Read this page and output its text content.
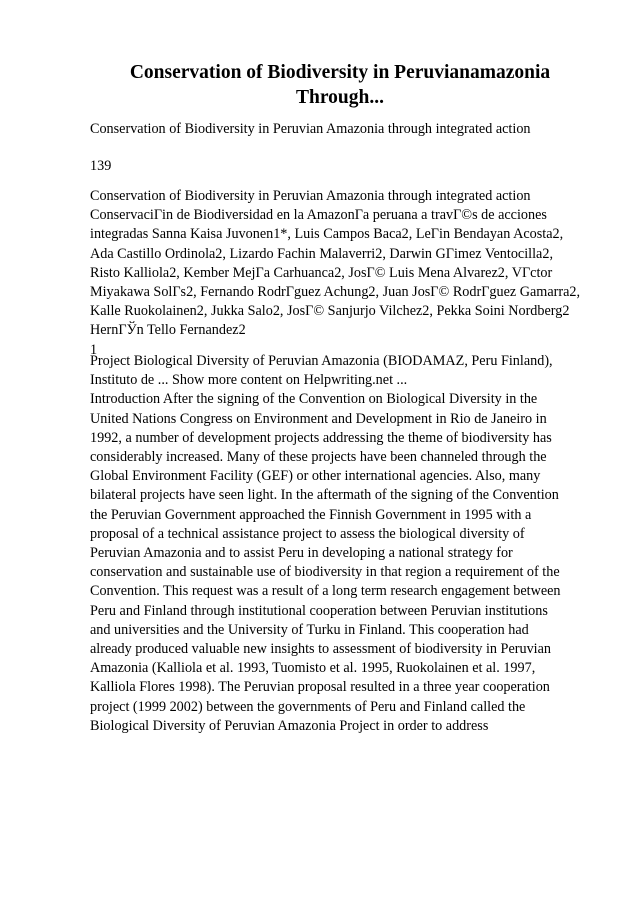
Conservation of Biodiversity in Peruvianamazonia
Through...

Conservation of Biodiversity in Peruvian Amazonia through integrated action

139

Conservation of Biodiversity in Peruvian Amazonia through integrated action
ConservaciΓin de Biodiversidad en la AmazonΓa peruana a travΓ©s de acciones
integradas Sanna Kaisa Juvonen1*, Luis Campos Baca2, LeΓin Bendayan Acosta2,
Ada Castillo Ordinola2, Lizardo Fachin Malaverri2, Darwin GΓimez Ventocilla2,
Risto Kalliola2, Kember MejΓa Carhuanca2, JosΓ© Luis Mena Alvarez2, VΓctor
Miyakawa SolΓs2, Fernando RodrΓguez Achung2, Juan JosΓ© RodrΓguez Gamarra2,
Kalle Ruokolainen2, Jukka Salo2, JosΓ© Sanjurjo Vilchez2, Pekka Soini Nordberg2
HernΓЎn Tello Fernandez2
1

Project Biological Diversity of Peruvian Amazonia (BIODAMAZ, Peru Finland),
Instituto de ... Show more content on Helpwriting.net ...
Introduction After the signing of the Convention on Biological Diversity in the
United Nations Congress on Environment and Development in Rio de Janeiro in
1992, a number of development projects addressing the theme of biodiversity has
considerably increased. Many of these projects have been channeled through the
Global Environment Facility (GEF) or other international agencies. Also, many
bilateral projects have seen light. In the aftermath of the signing of the Convention
the Peruvian Government approached the Finnish Government in 1995 with a
proposal of a technical assistance project to assess the biological diversity of
Peruvian Amazonia and to assist Peru in developing a national strategy for
conservation and sustainable use of biodiversity in that region a requirement of the
Convention. This request was a result of a long term research engagement between
Peru and Finland through institutional cooperation between Peruvian institutions
and universities and the University of Turku in Finland. This cooperation had
already produced valuable new insights to assessment of biodiversity in Peruvian
Amazonia (Kalliola et al. 1993, Tuomisto et al. 1995, Ruokolainen et al. 1997,
Kalliola Flores 1998). The Peruvian proposal resulted in a three year cooperation
project (1999 2002) between the governments of Peru and Finland called the
Biological Diversity of Peruvian Amazonia Project in order to address
